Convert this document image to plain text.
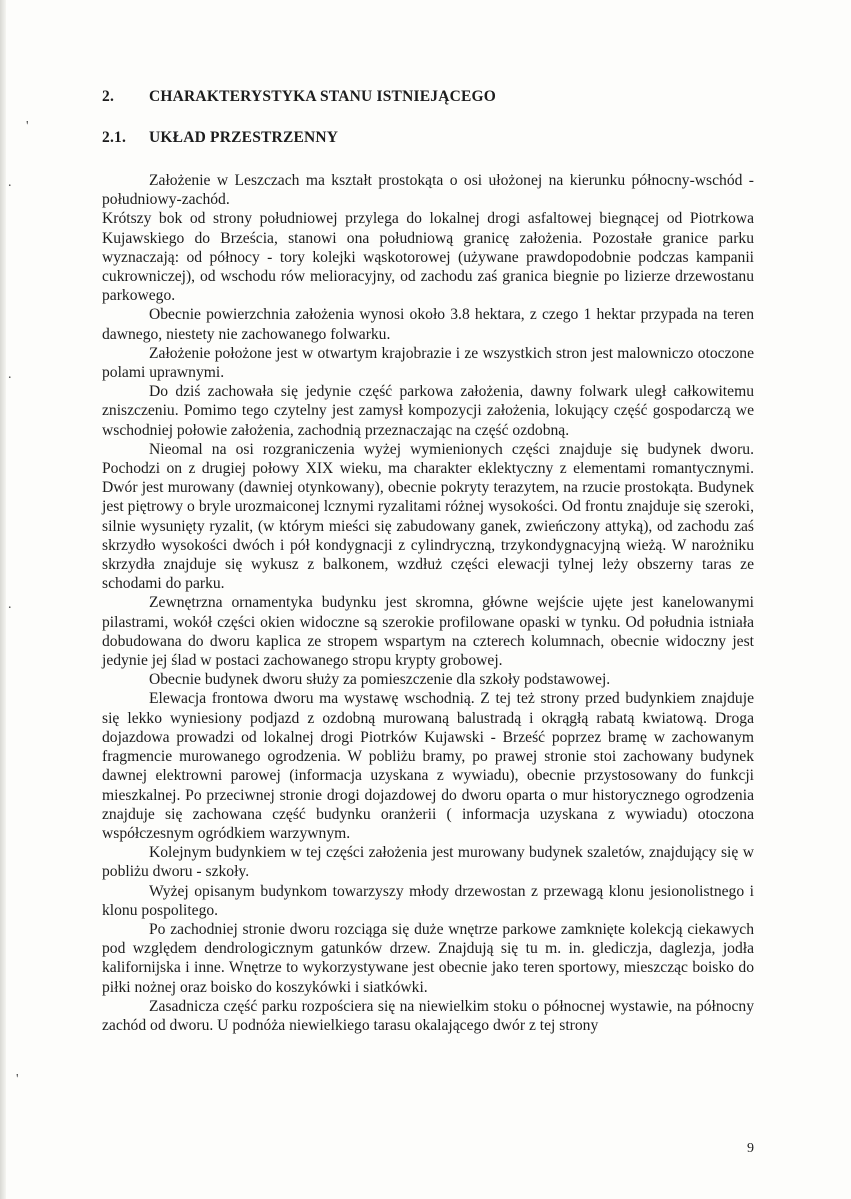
'
.
.
.
'
2. CHARAKTERYSTYKA STANU ISTNIEJĄCEGO
2.1. UKŁAD PRZESTRZENNY

Założenie w Leszczach ma kształt prostokąta o osi ułożonej na kierunku północny-wschód - południowy-zachód.

Krótszy bok od strony południowej przylega do lokalnej drogi asfaltowej biegnącej od Piotrkowa Kujawskiego do Brześcia, stanowi ona południową granicę założenia. Pozostałe granice parku wyznaczają: od północy - tory kolejki wąskotorowej (używane prawdopodobnie podczas kampanii cukrowniczej), od wschodu rów melioracyjny, od zachodu zaś granica biegnie po lizierze drzewostanu parkowego.

Obecnie powierzchnia założenia wynosi około 3.8 hektara, z czego 1 hektar przypada na teren dawnego, niestety nie zachowanego folwarku.

Założenie położone jest w otwartym krajobrazie i ze wszystkich stron jest malowniczo otoczone polami uprawnymi.

Do dziś zachowała się jedynie część parkowa założenia, dawny folwark uległ całkowitemu zniszczeniu. Pomimo tego czytelny jest zamysł kompozycji założenia, lokujący część gospodarczą we wschodniej połowie założenia, zachodnią przeznaczając na część ozdobną.

Nieomal na osi rozgraniczenia wyżej wymienionych części znajduje się budynek dworu. Pochodzi on z drugiej połowy XIX wieku, ma charakter eklektyczny z elementami romantycznymi. Dwór jest murowany (dawniej otynkowany), obecnie pokryty terazytem, na rzucie prostokąta. Budynek jest piętrowy o bryle urozmaiconej lcznymi ryzalitami różnej wysokości. Od frontu znajduje się szeroki, silnie wysunięty ryzalit, (w którym mieści się zabudowany ganek, zwieńczony attyką), od zachodu zaś skrzydło wysokości dwóch i pół kondygnacji z cylindryczną, trzykondygnacyjną wieżą. W narożniku skrzydła znajduje się wykusz z balkonem, wzdłuż części elewacji tylnej leży obszerny taras ze schodami do parku.

Zewnętrzna ornamentyka budynku jest skromna, główne wejście ujęte jest kanelowanymi pilastrami, wokół części okien widoczne są szerokie profilowane opaski w tynku. Od południa istniała dobudowana do dworu kaplica ze stropem wspartym na czterech kolumnach, obecnie widoczny jest jedynie jej ślad w postaci zachowanego stropu krypty grobowej.

Obecnie budynek dworu służy za pomieszczenie dla szkoły podstawowej.

Elewacja frontowa dworu ma wystawę wschodnią. Z tej też strony przed budynkiem znajduje się lekko wyniesiony podjazd z ozdobną murowaną balustradą i okrągłą rabatą kwiatową. Droga dojazdowa prowadzi od lokalnej drogi Piotrków Kujawski - Brześć poprzez bramę w zachowanym fragmencie murowanego ogrodzenia. W pobliżu bramy, po prawej stronie stoi zachowany budynek dawnej elektrowni parowej (informacja uzyskana z wywiadu), obecnie przystosowany do funkcji mieszkalnej. Po przeciwnej stronie drogi dojazdowej do dworu oparta o mur historycznego ogrodzenia znajduje się zachowana część budynku oranżerii ( informacja uzyskana z wywiadu) otoczona współczesnym ogródkiem warzywnym.

Kolejnym budynkiem w tej części założenia jest murowany budynek szaletów, znajdujący się w pobliżu dworu - szkoły.

Wyżej opisanym budynkom towarzyszy młody drzewostan z przewagą klonu jesionolistnego i klonu pospolitego.

Po zachodniej stronie dworu rozciąga się duże wnętrze parkowe zamknięte kolekcją ciekawych pod względem dendrologicznym gatunków drzew. Znajdują się tu m. in. glediczja, daglezja, jodła kalifornijska i inne. Wnętrze to wykorzystywane jest obecnie jako teren sportowy, mieszcząc boisko do piłki nożnej oraz boisko do koszykówki i siatkówki.

Zasadnicza część parku rozpościera się na niewielkim stoku o północnej wystawie, na północny zachód od dworu. U podnóża niewielkiego tarasu okalającego dwór z tej strony

9
